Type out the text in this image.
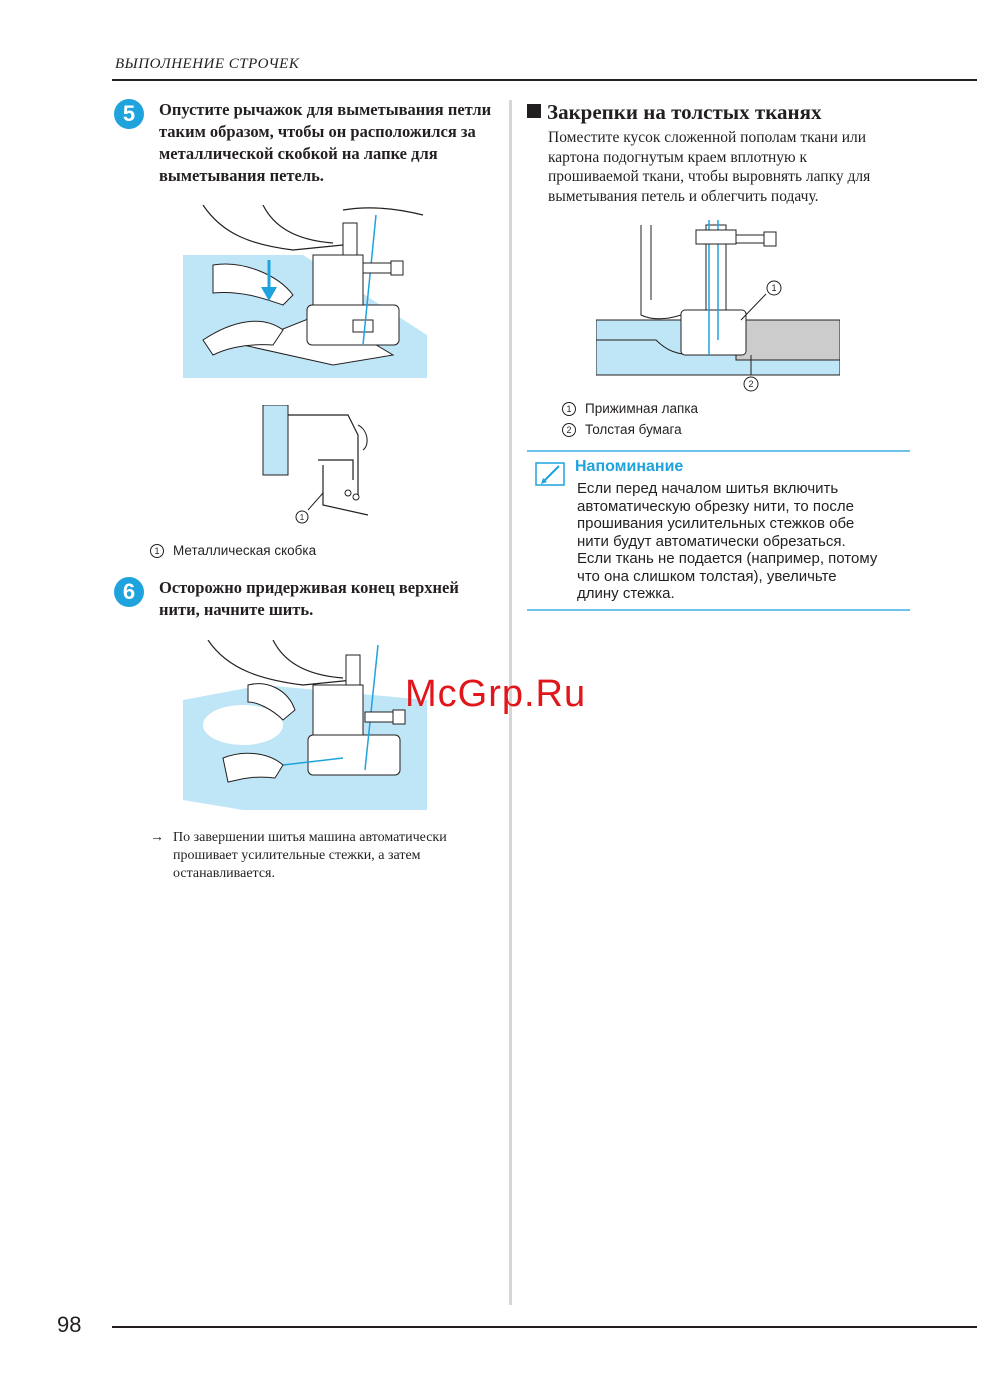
ВЫПОЛНЕНИЕ СТРОЧЕК
5	Опустите рычажок для выметывания петли
таким образом, чтобы он расположился за
металлической скобкой на лапке для
выметывания петель.
1
1 Металлическая скобка
6	Осторожно придерживая конец верхней
нити, начните шить.
→ По завершении шитья машина автоматически
прошивает усилительные стежки, а затем
останавливается.
Закрепки на толстых тканях
Поместите кусок сложенной пополам ткани или
картона подогнутым краем вплотную к
прошиваемой ткани, чтобы выровнять лапку для
выметывания петель и облегчить подачу.
1
2
1 Прижимная лапка
2 Толстая бумага
Напоминание
Если перед началом шитья включить
автоматическую обрезку нити, то после
прошивания усилительных стежков обе
нити будут автоматически обрезаться.
Если ткань не подается (например, потому
что она слишком толстая), увеличьте
длину стежка.
McGrp.Ru
98
